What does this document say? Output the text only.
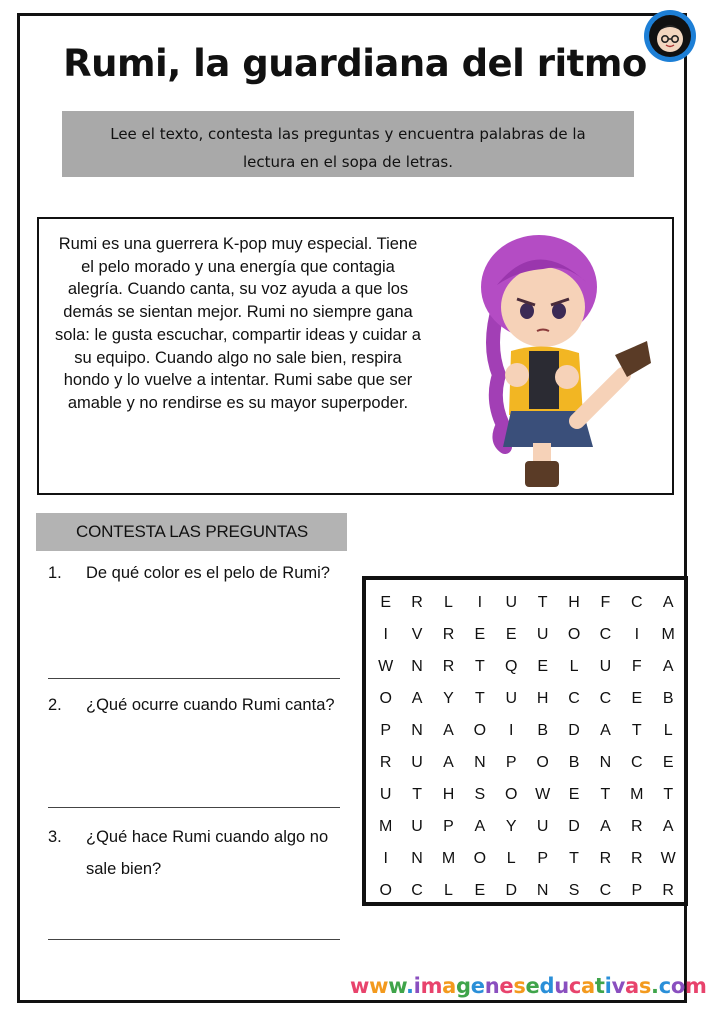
Rumi, la guardiana del ritmo
Lee el texto, contesta las preguntas y encuentra palabras de la lectura en el sopa de letras.
Rumi es una guerrera K-pop muy especial. Tiene el pelo morado y una energía que contagia alegría. Cuando canta, su voz ayuda a que los demás se sientan mejor. Rumi no siempre gana sola: le gusta escuchar, compartir ideas y cuidar a su equipo. Cuando algo no sale bien, respira hondo y lo vuelve a intentar. Rumi sabe que ser amable y no rendirse es su mayor superpoder.
CONTESTA LAS PREGUNTAS
1. De qué color es el pelo de Rumi?
2. ¿Qué ocurre cuando Rumi canta?
3. ¿Qué hace Rumi cuando algo no sale bien?
E	R	L	I	U	T	H	F	C	A
I	V	R	E	E	U	O	C	I	M
W	N	R	T	Q	E	L	U	F	A
O	A	Y	T	U	H	C	C	E	B
P	N	A	O	I	B	D	A	T	L
R	U	A	N	P	O	B	N	C	E
U	T	H	S	O	W	E	T	M	T
M	U	P	A	Y	U	D	A	R	A
I	N	M	O	L	P	T	R	R	W
O	C	L	E	D	N	S	C	P	R
www.imageneseducativas.com
